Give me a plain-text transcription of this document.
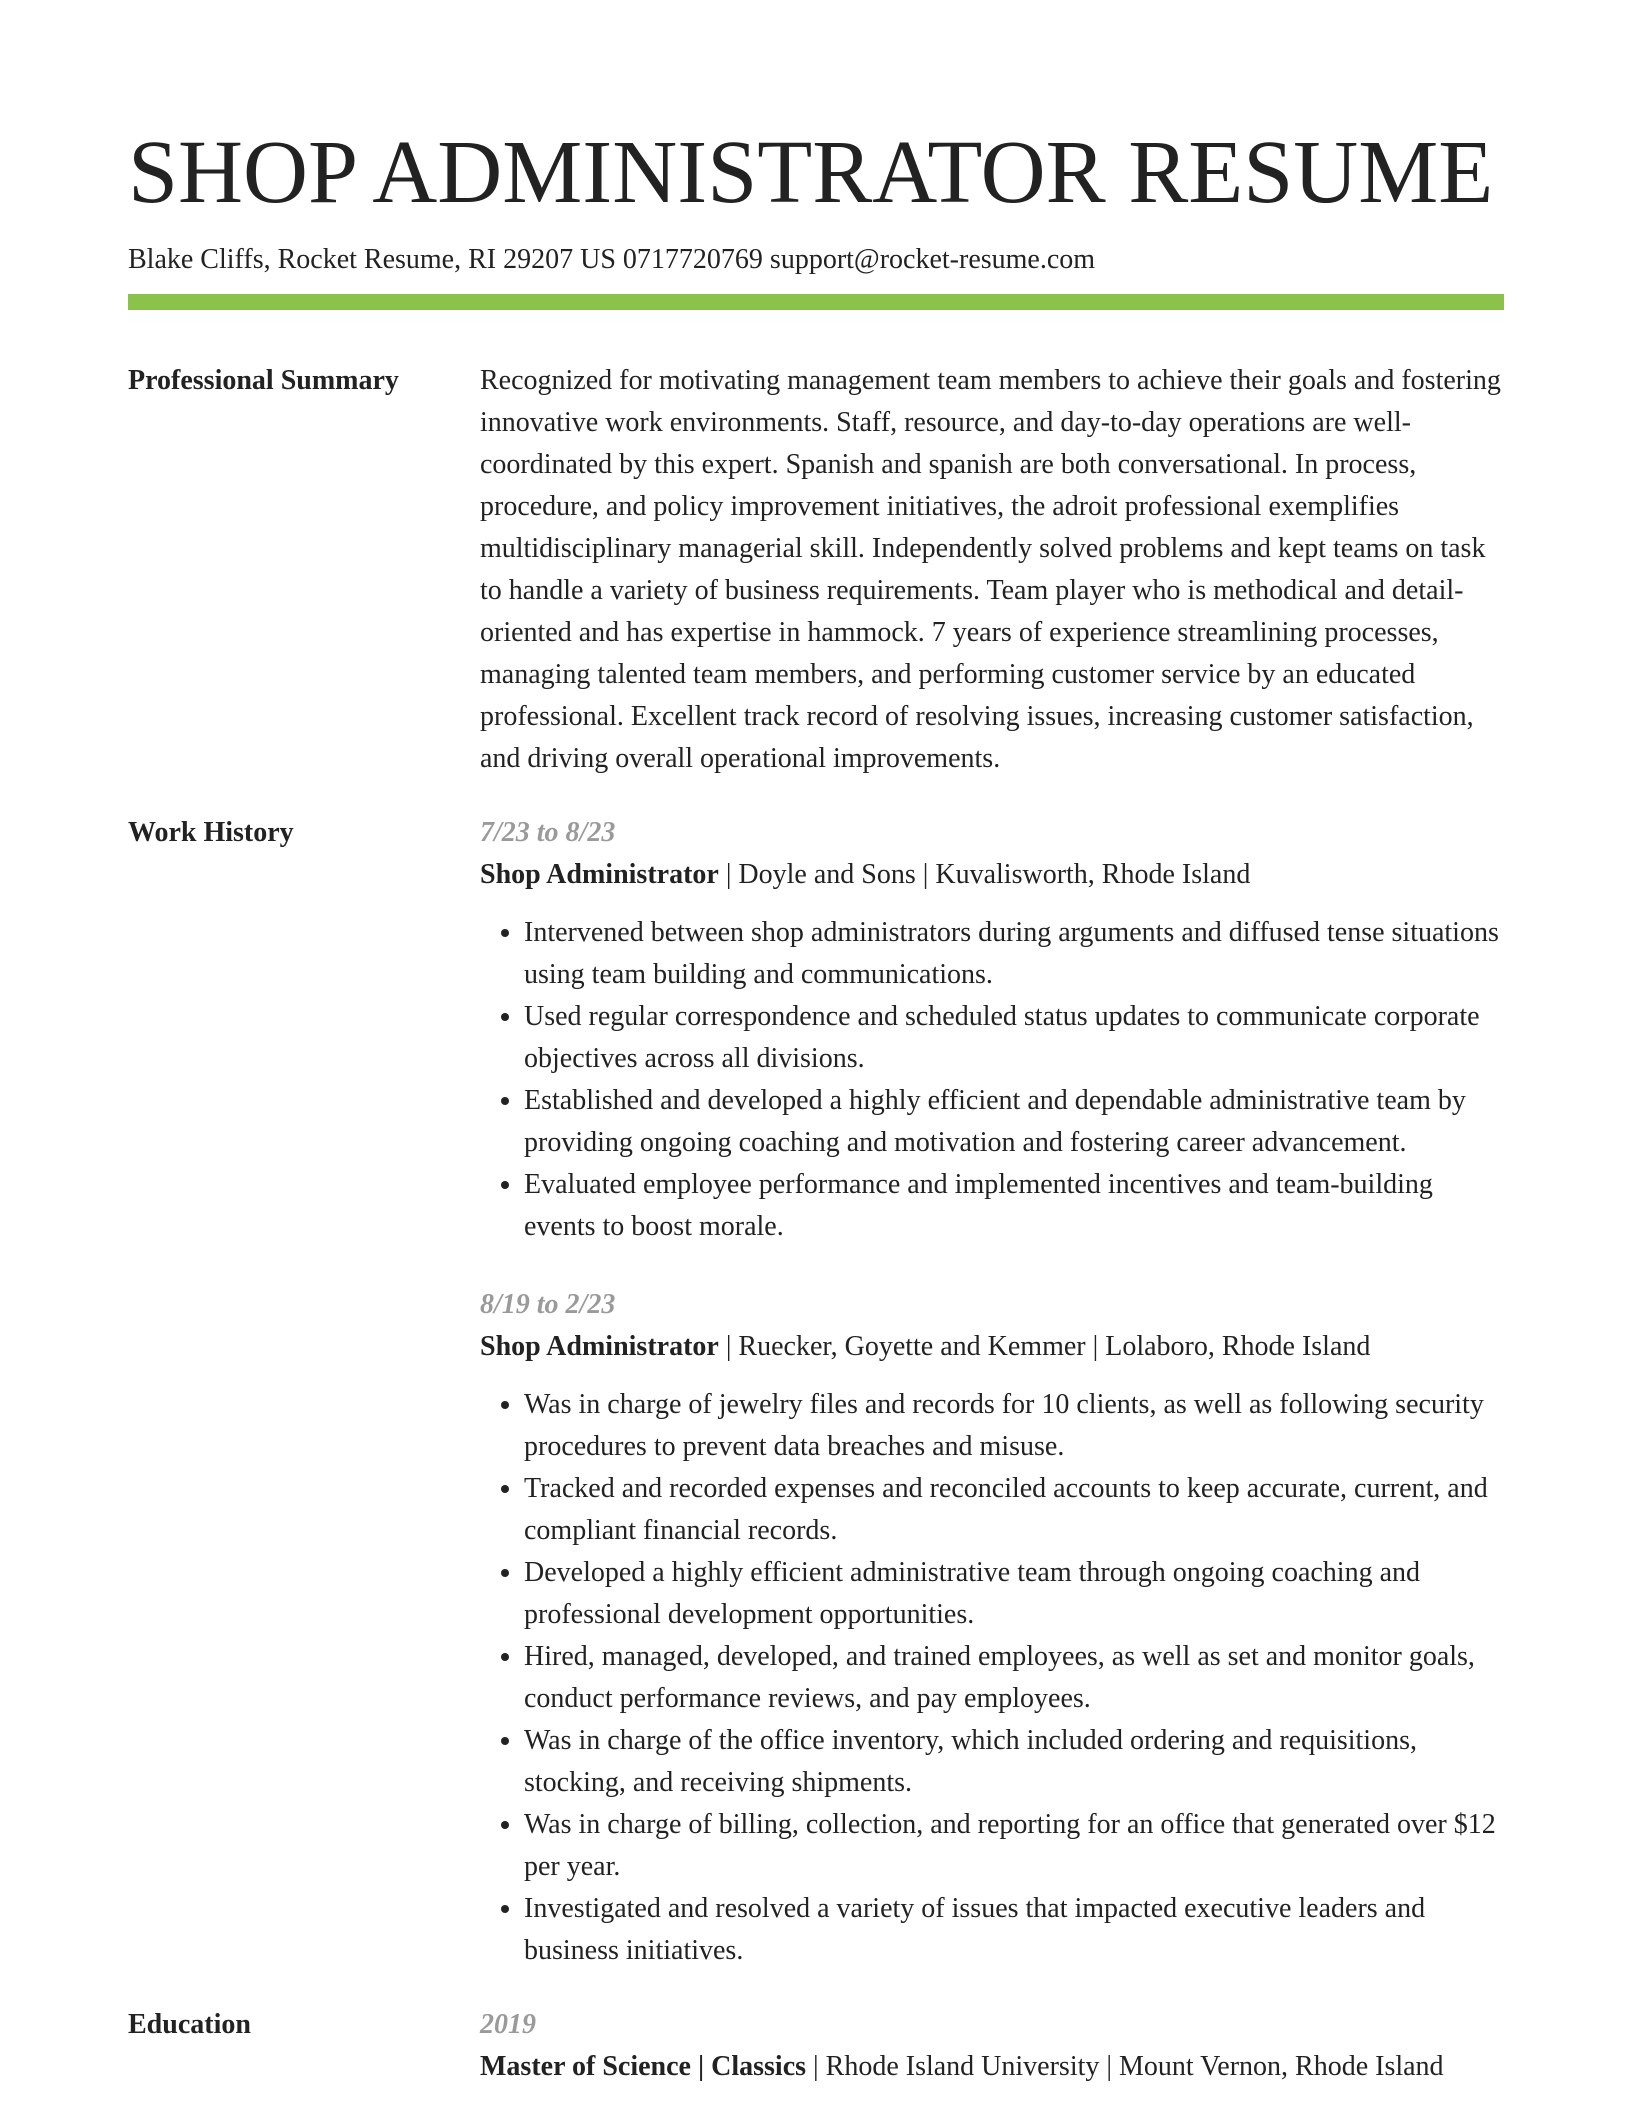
SHOP ADMINISTRATOR RESUME
Blake Cliffs, Rocket Resume, RI 29207 US 0717720769 support@rocket-resume.com
Professional Summary	Recognized for motivating management team members to achieve their goals and fostering innovative work environments. Staff, resource, and day-to-day operations are well-coordinated by this expert. Spanish and spanish are both conversational. In process, procedure, and policy improvement initiatives, the adroit professional exemplifies multidisciplinary managerial skill. Independently solved problems and kept teams on task to handle a variety of business requirements. Team player who is methodical and detail-oriented and has expertise in hammock. 7 years of experience streamlining processes, managing talented team members, and performing customer service by an educated professional. Excellent track record of resolving issues, increasing customer satisfaction, and driving overall operational improvements.

Work History	7/23 to 8/23
Shop Administrator | Doyle and Sons | Kuvalisworth, Rhode Island
• Intervened between shop administrators during arguments and diffused tense situations using team building and communications.
• Used regular correspondence and scheduled status updates to communicate corporate objectives across all divisions.
• Established and developed a highly efficient and dependable administrative team by providing ongoing coaching and motivation and fostering career advancement.
• Evaluated employee performance and implemented incentives and team-building events to boost morale.
8/19 to 2/23
Shop Administrator | Ruecker, Goyette and Kemmer | Lolaboro, Rhode Island
• Was in charge of jewelry files and records for 10 clients, as well as following security procedures to prevent data breaches and misuse.
• Tracked and recorded expenses and reconciled accounts to keep accurate, current, and compliant financial records.
• Developed a highly efficient administrative team through ongoing coaching and professional development opportunities.
• Hired, managed, developed, and trained employees, as well as set and monitor goals, conduct performance reviews, and pay employees.
• Was in charge of the office inventory, which included ordering and requisitions, stocking, and receiving shipments.
• Was in charge of billing, collection, and reporting for an office that generated over $12 per year.
• Investigated and resolved a variety of issues that impacted executive leaders and business initiatives.
Education	2019
Master of Science | Classics | Rhode Island University | Mount Vernon, Rhode Island
